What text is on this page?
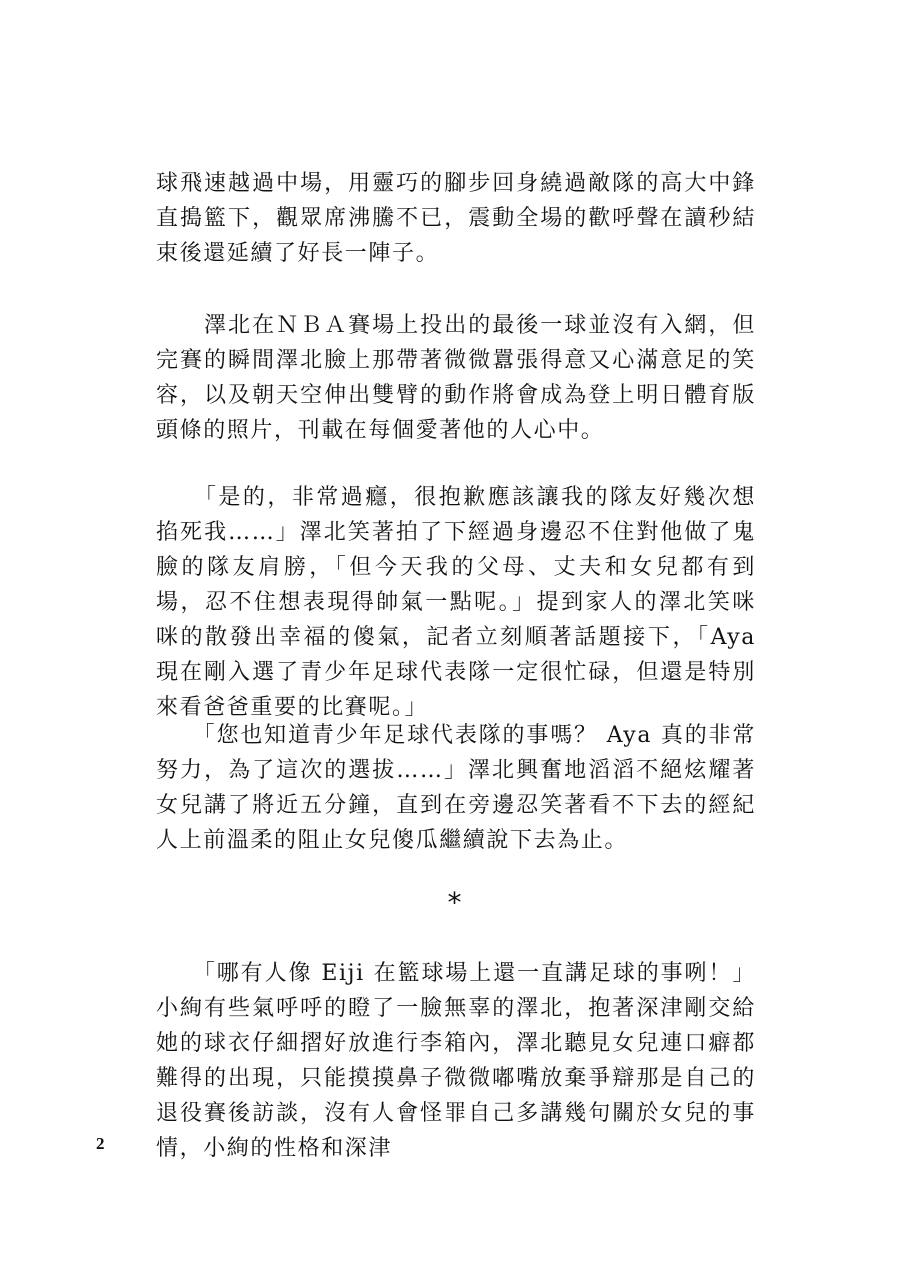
球飛速越過中場，用靈巧的腳步回身繞過敵隊的高大中鋒直搗籃下，觀眾席沸騰不已，震動全場的歡呼聲在讀秒結束後還延續了好長一陣子。
　　澤北在ＮＢＡ賽場上投出的最後一球並沒有入網，但完賽的瞬間澤北臉上那帶著微微囂張得意又心滿意足的笑容，以及朝天空伸出雙臂的動作將會成為登上明日體育版頭條的照片，刊載在每個愛著他的人心中。
　　「是的，非常過癮，很抱歉應該讓我的隊友好幾次想掐死我……」澤北笑著拍了下經過身邊忍不住對他做了鬼臉的隊友肩膀，「但今天我的父母、丈夫和女兒都有到場，忍不住想表現得帥氣一點呢。」提到家人的澤北笑咪咪的散發出幸福的傻氣，記者立刻順著話題接下，「Aya 現在剛入選了青少年足球代表隊一定很忙碌，但還是特別來看爸爸重要的比賽呢。」
　　「您也知道青少年足球代表隊的事嗎？ Aya 真的非常努力，為了這次的選拔……」澤北興奮地滔滔不絕炫耀著女兒講了將近五分鐘，直到在旁邊忍笑著看不下去的經紀人上前溫柔的阻止女兒傻瓜繼續說下去為止。
*
　　「哪有人像 Eiji 在籃球場上還一直講足球的事咧！」小絢有些氣呼呼的瞪了一臉無辜的澤北，抱著深津剛交給她的球衣仔細摺好放進行李箱內，澤北聽見女兒連口癖都難得的出現，只能摸摸鼻子微微嘟嘴放棄爭辯那是自己的退役賽後訪談，沒有人會怪罪自己多講幾句關於女兒的事情，小絢的性格和深津
2
